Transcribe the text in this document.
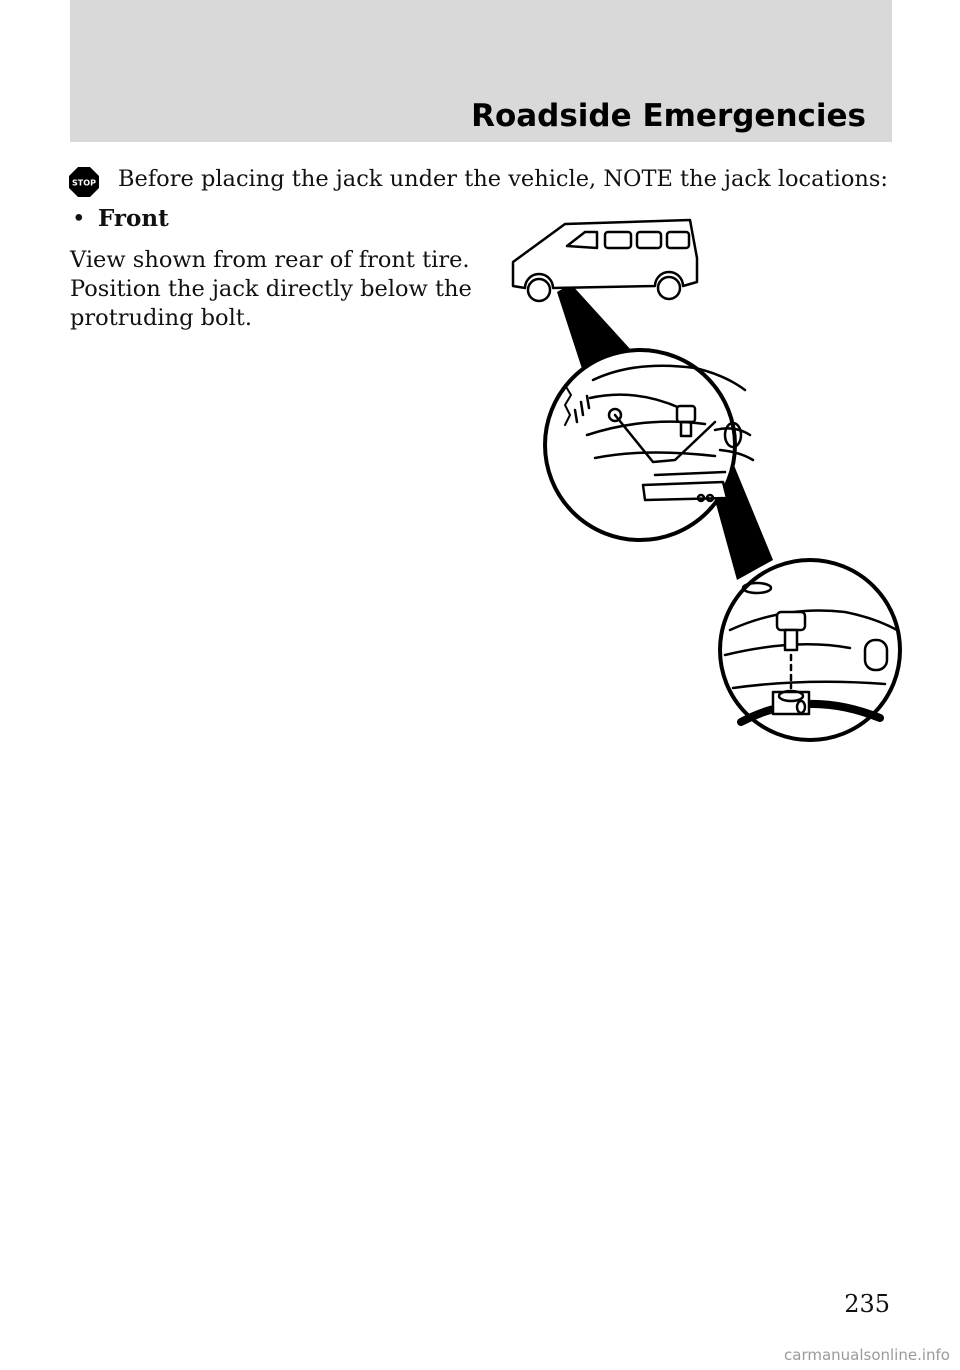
Roadside Emergencies
STOP Before placing the jack under the vehicle, NOTE the jack locations:
• Front
View shown from rear of front tire.
Position the jack directly below the
protruding bolt.
235
carmanualsonline.info
